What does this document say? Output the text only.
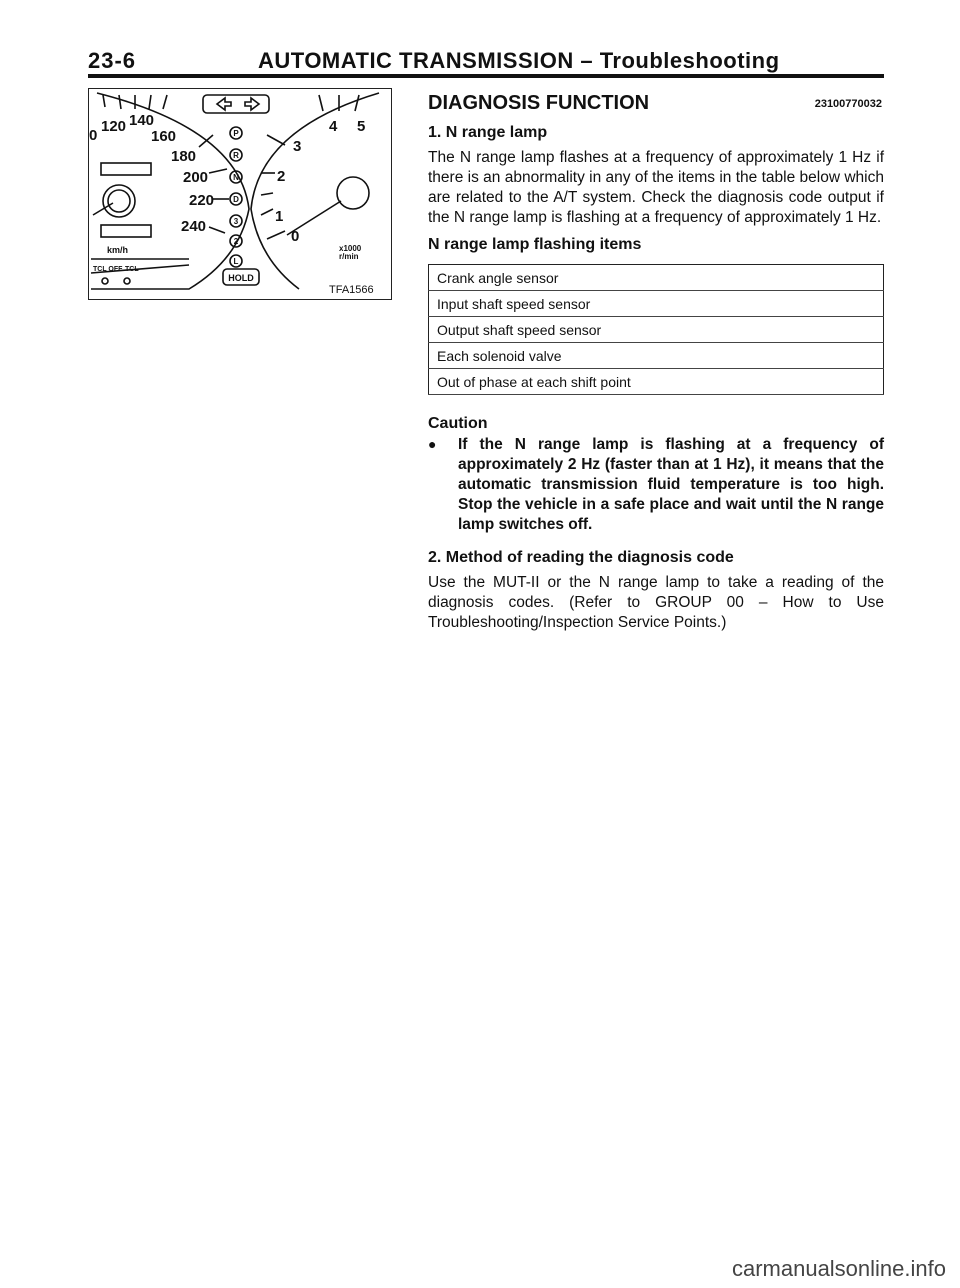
23-6	AUTOMATIC TRANSMISSION – Troubleshooting
0
120 140
160
180
200
220
240
km/h
TCL OFF TCL
P
R
N
D
3
2
L
HOLD
4 5
3
2
1
0
x1000
r/min
TFA1566
DIAGNOSIS FUNCTION	23100770032
1. N range lamp
The N range lamp flashes at a frequency of approximately 1 Hz if there is an abnormality in any of the items in the table below which are related to the A/T system. Check the diagnosis code output if the N range lamp is flashing at a frequency of approximately 1 Hz.
N range lamp flashing items
Crank angle sensor
Input shaft speed sensor
Output shaft speed sensor
Each solenoid valve
Out of phase at each shift point
Caution
●	If the N range lamp is flashing at a frequency of approximately 2 Hz (faster than at 1 Hz), it means that the automatic transmission fluid temperature is too high. Stop the vehicle in a safe place and wait until the N range lamp switches off.
2. Method of reading the diagnosis code
Use the MUT-II or the N range lamp to take a reading of the diagnosis codes. (Refer to GROUP 00 – How to Use Troubleshooting/Inspection Service Points.)
carmanualsonline.info
